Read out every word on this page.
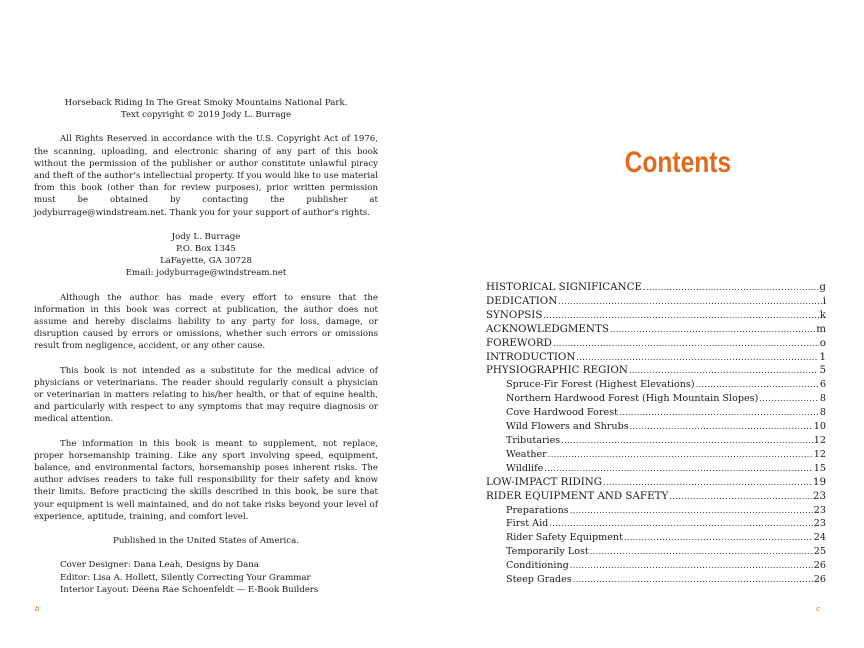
Horseback Riding In The Great Smoky Mountains National Park.

Text copyright © 2019 Jody L. Burrage

All Rights Reserved in accordance with the U.S. Copyright Act of 1976, the scanning, uploading, and electronic sharing of any part of this book without the permission of the publisher or author constitute unlawful piracy and theft of the author’s intellectual property. If you would like to use material from this book (other than for review purposes), prior written permission must be obtained by contacting the publisher at jodyburrage@windstream.net. Thank you for your support of author’s rights.

Jody L. Burrage

P.O. Box 1345

LaFayette, GA 30728

Email: jodyburrage@windstream.net

Although the author has made every effort to ensure that the information in this book was correct at publication, the author does not assume and hereby disclaims liability to any party for loss, damage, or disruption caused by errors or omissions, whether such errors or omissions result from negligence, accident, or any other cause.

This book is not intended as a substitute for the medical advice of physicians or veterinarians. The reader should regularly consult a physician or veterinarian in matters relating to his/her health, or that of equine health, and particularly with respect to any symptoms that may require diagnosis or medical attention.

The information in this book is meant to supplement, not replace, proper horsemanship training. Like any sport involving speed, equipment, balance, and environmental factors, horsemanship poses inherent risks. The author advises readers to take full responsibility for their safety and know their limits. Before practicing the skills described in this book, be sure that your equipment is well maintained, and do not take risks beyond your level of experience, aptitude, training, and comfort level.

Published in the United States of America.

Cover Designer: Dana Leah, Designs by Dana

Editor: Lisa A. Hollett, Silently Correcting Your Grammar

Interior Layout: Deena Rae Schoenfeldt — E-Book Builders

b
Contents
HISTORICAL SIGNIFICANCE .....	g
DEDICATION .....	i
SYNOPSIS .....	k
ACKNOWLEDGMENTS .....	m
FOREWORD .....	o
INTRODUCTION .....	1
PHYSIOGRAPHIC REGION .....	5
Spruce-Fir Forest (Highest Elevations) .....	6
Northern Hardwood Forest (High Mountain Slopes) .....	8
Cove Hardwood Forest .....	8
Wild Flowers and Shrubs .....	10
Tributaries .....	12
Weather .....	12
Wildlife .....	15
LOW-IMPACT RIDING .....	19
RIDER EQUIPMENT AND SAFETY .....	23
Preparations .....	23
First Aid .....	23
Rider Safety Equipment .....	24
Temporarily Lost .....	25
Conditioning .....	26
Steep Grades .....	26
c
